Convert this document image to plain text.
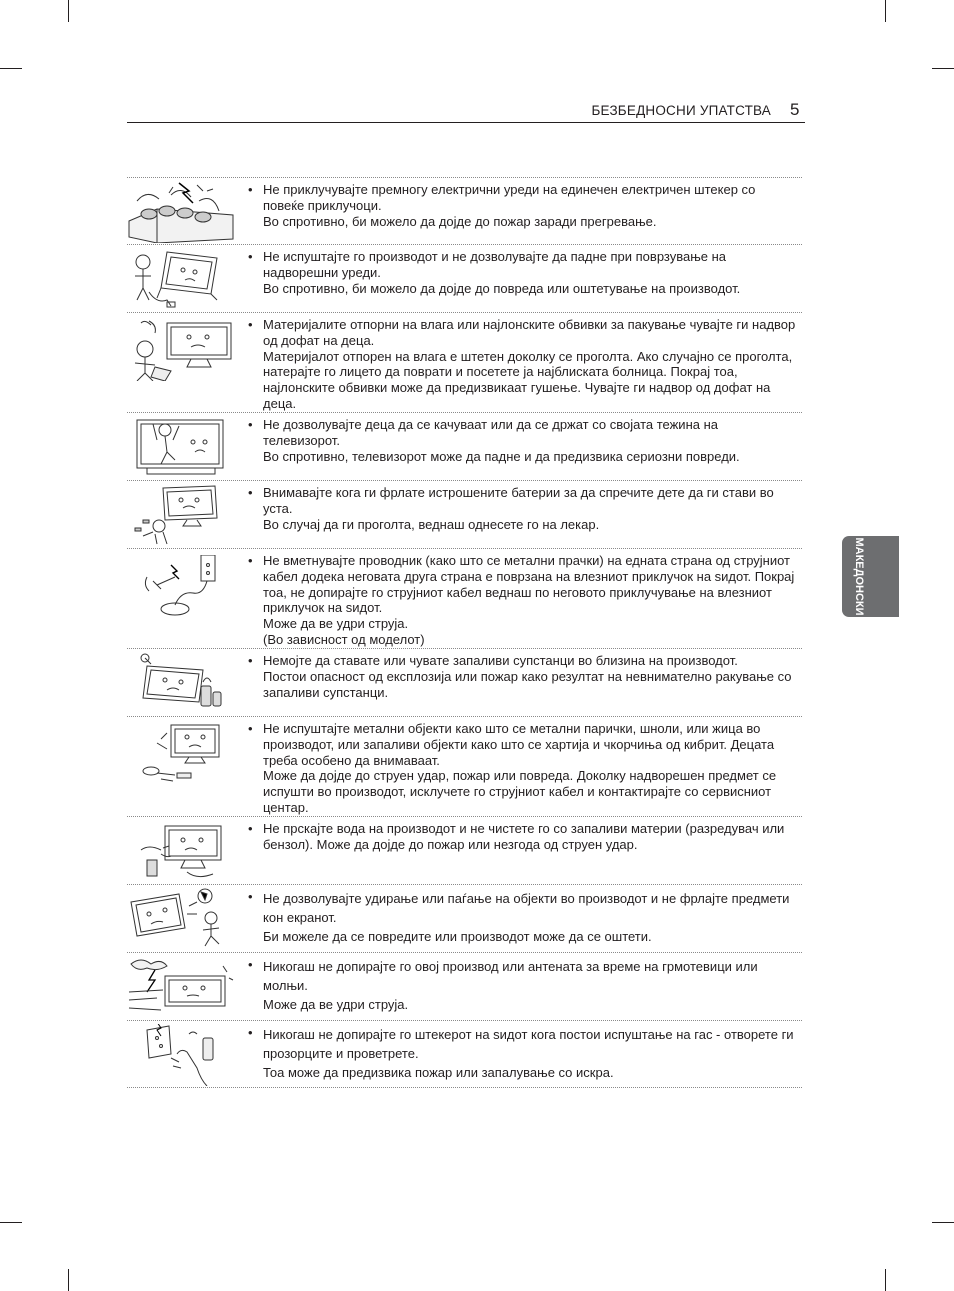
БЕЗБЕДНОСНИ УПАТСТВА 5
МАКЕДОНСКИ
• Не приклучувајте премногу електрични уреди на единечен електричен штекер со повеќе приклучоци.
Во спротивно, би можело да дојде до пожар заради прегревање.
• Не испуштајте го производот и не дозволувајте да падне при поврзување на надворешни уреди.
Во спротивно, би можело да дојде до повреда или оштетување на производот.
• Материјалите отпорни на влага или најлонските обвивки за пакување чувајте ги надвор од дофат на деца.
Материјалот отпорен на влага е штетен доколку се проголта. Ако случајно се проголта, натерајте го лицето да поврати и посетете ја најблиската болница. Покрај тоа, најлонските обвивки може да предизвикаат гушење. Чувајте ги надвор од дофат на деца.
• Не дозволувајте деца да се качуваат или да се држат со својата тежина на телевизорот.
Во спротивно, телевизорот може да падне и да предизвика сериозни повреди.
• Внимавајте кога ги фрлате истрошените батерии за да спречите дете да ги стави во уста.
Во случај да ги проголта, веднаш однесете го на лекар.
• Не вметнувајте проводник (како што се метални прачки) на едната страна од струјниот кабел додека неговата друга страна е поврзана на влезниот приклучок на ѕидот. Покрај тоа, не допирајте го струјниот кабел веднаш по неговото приклучување на влезниот приклучок на ѕидот.
Може да ве удри струја.
(Во зависност од моделот)
• Немојте да ставате или чувате запаливи супстанци во близина на производот.
Постои опасност од експлозија или пожар како резултат на невнимателно ракување со запаливи супстанци.
• Не испуштајте метални објекти како што се метални парички, шноли, или жица во производот, или запаливи објекти како што се хартија и чкорчиња од кибрит. Децата треба особено да внимаваат.
Може да дојде до струен удар, пожар или повреда. Доколку надворешен предмет се испушти во производот, исклучете го струјниот кабел и контактирајте со сервисниот центар.
• Не прскајте вода на производот и не чистете го со запаливи материи (разредувач или бензол). Може да дојде до пожар или незгода од струен удар.
• Не дозволувајте удирање или паѓање на објекти во производот и не фрлајте предмети кон екранот.
Би можеле да се повредите или производот може да се оштети.
• Никогаш не допирајте го овој производ или антената за време на грмотевици или молњи.
Може да ве удри струја.
• Никогаш не допирајте го штекерот на ѕидот кога постои испуштање на гас - отворете ги прозорците и проветрете.
Тоа може да предизвика пожар или запалување со искра.
